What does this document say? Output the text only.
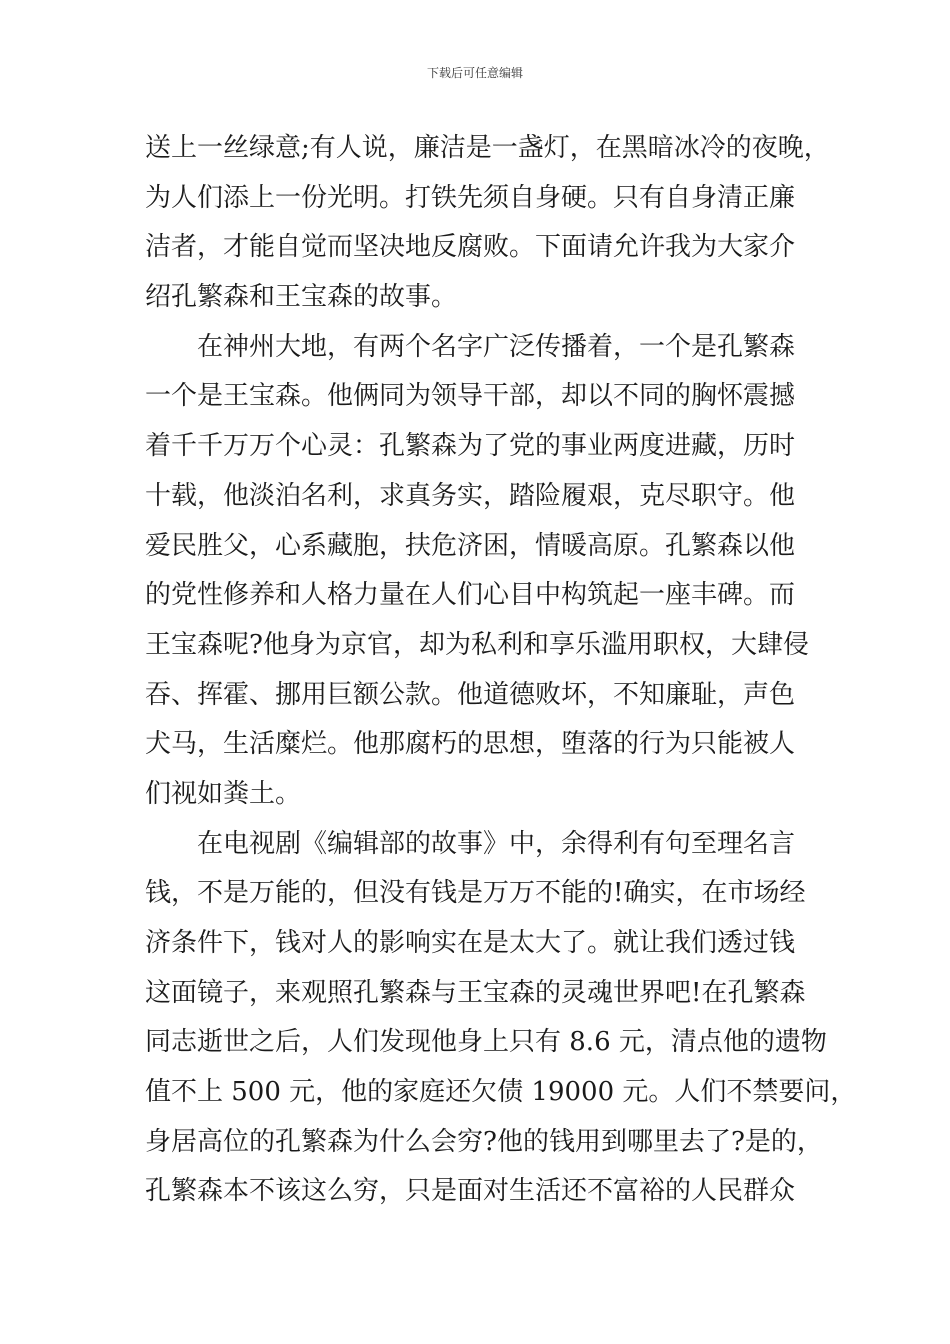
下载后可任意编辑
送上一丝绿意;有人说，廉洁是一盏灯，在黑暗冰冷的夜晚，
为人们添上一份光明。打铁先须自身硬。只有自身清正廉
洁者，才能自觉而坚决地反腐败。下面请允许我为大家介
绍孔繁森和王宝森的故事。
在神州大地，有两个名字广泛传播着，一个是孔繁森
一个是王宝森。他俩同为领导干部，却以不同的胸怀震撼
着千千万万个心灵：孔繁森为了党的事业两度进藏，历时
十载，他淡泊名利，求真务实，踏险履艰，克尽职守。他
爱民胜父，心系藏胞，扶危济困，情暖高原。孔繁森以他
的党性修养和人格力量在人们心目中构筑起一座丰碑。而
王宝森呢?他身为京官，却为私利和享乐滥用职权，大肆侵
吞、挥霍、挪用巨额公款。他道德败坏，不知廉耻，声色
犬马，生活糜烂。他那腐朽的思想，堕落的行为只能被人
们视如粪土。
在电视剧《编辑部的故事》中，余得利有句至理名言
钱，不是万能的，但没有钱是万万不能的!确实，在市场经
济条件下，钱对人的影响实在是太大了。就让我们透过钱
这面镜子，来观照孔繁森与王宝森的灵魂世界吧!在孔繁森
同志逝世之后，人们发现他身上只有 8.6 元，清点他的遗物
值不上 500 元，他的家庭还欠债 19000 元。人们不禁要问，
身居高位的孔繁森为什么会穷?他的钱用到哪里去了?是的，
孔繁森本不该这么穷，只是面对生活还不富裕的人民群众
